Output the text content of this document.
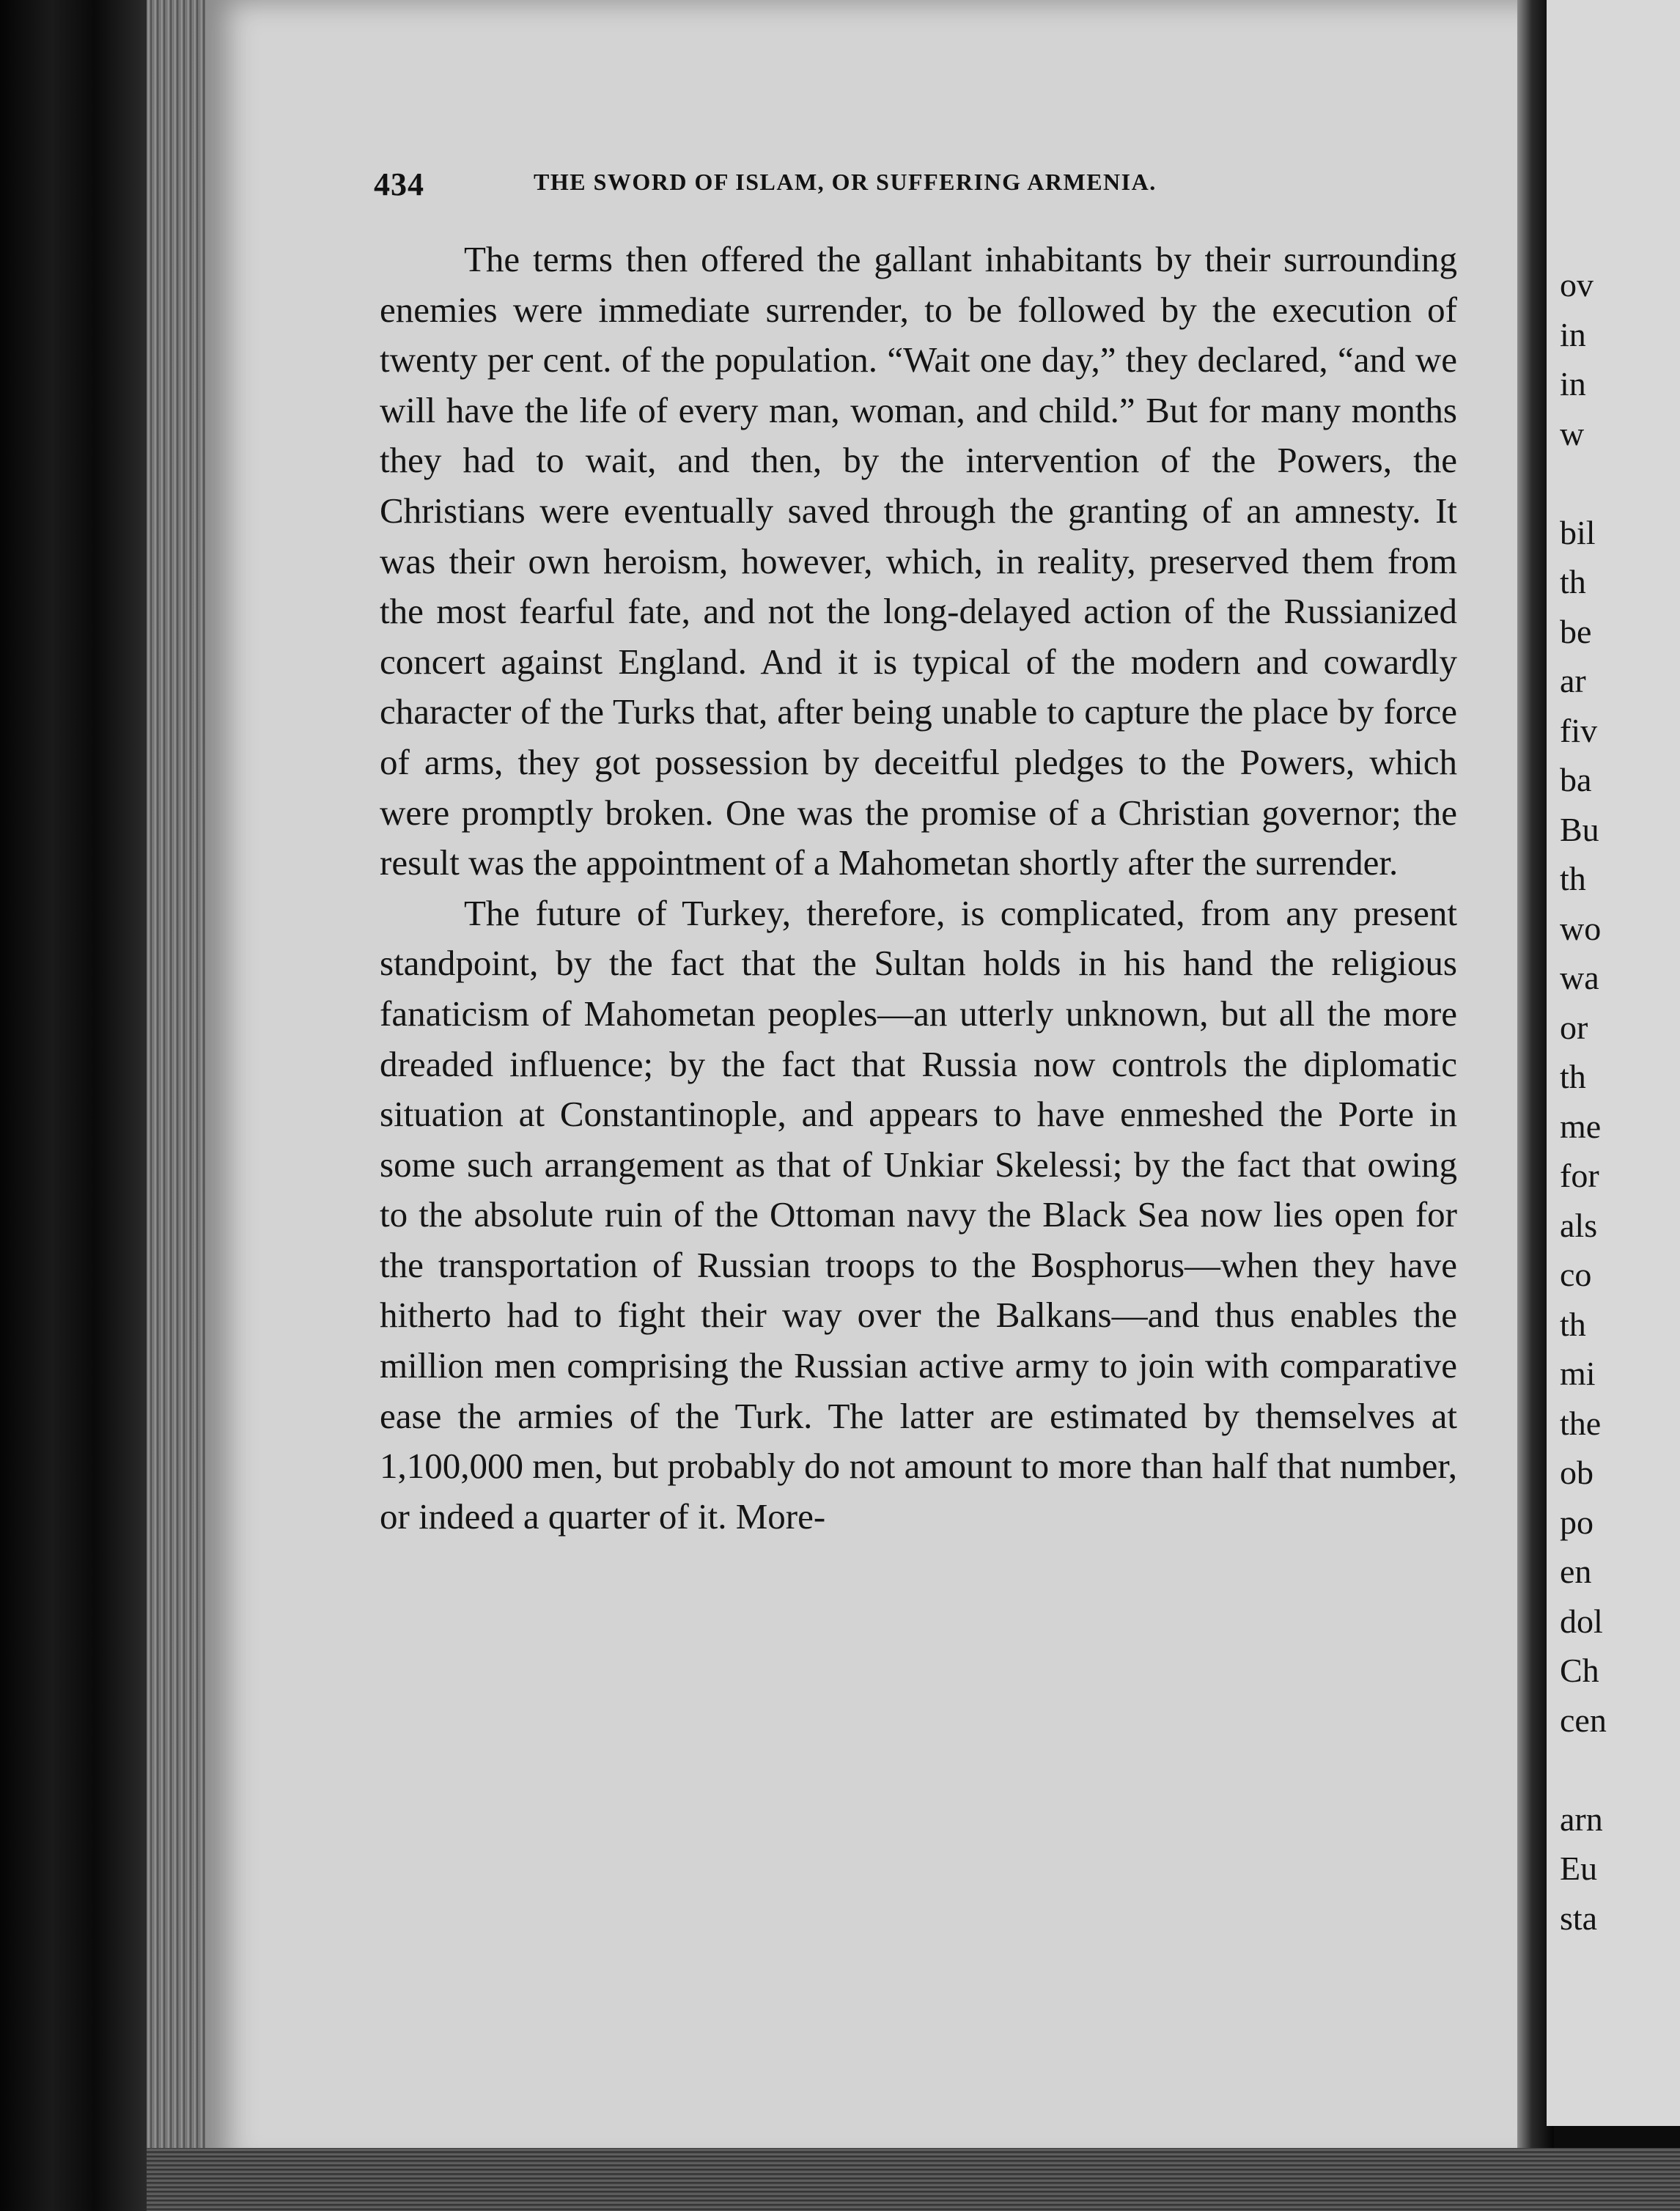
434	THE SWORD OF ISLAM, OR SUFFERING ARMENIA.

The terms then offered the gallant inhabitants by their surrounding enemies were immediate surrender, to be followed by the execution of twenty per cent. of the population. “Wait one day,” they declared, “and we will have the life of every man, woman, and child.” But for many months they had to wait, and then, by the intervention of the Powers, the Christians were eventually saved through the granting of an amnesty. It was their own heroism, however, which, in reality, preserved them from the most fearful fate, and not the long-delayed action of the Russianized concert against England. And it is typical of the modern and cowardly character of the Turks that, after being unable to capture the place by force of arms, they got possession by deceitful pledges to the Powers, which were promptly broken. One was the promise of a Christian governor; the result was the appointment of a Mahometan shortly after the surrender.

The future of Turkey, therefore, is complicated, from any present standpoint, by the fact that the Sultan holds in his hand the religious fanaticism of Mahometan peoples—an utterly unknown, but all the more dreaded influence; by the fact that Russia now controls the diplomatic situation at Constantinople, and appears to have enmeshed the Porte in some such arrangement as that of Unkiar Skelessi; by the fact that owing to the absolute ruin of the Ottoman navy the Black Sea now lies open for the transportation of Russian troops to the Bosphorus—when they have hitherto had to fight their way over the Balkans—and thus enables the million men comprising the Russian active army to join with comparative ease the armies of the Turk. The latter are estimated by themselves at 1,100,000 men, but probably do not amount to more than half that number, or indeed a quarter of it. More-

ov
in
in
w
bil
th
be
ar
fiv
ba
Bu
th
wo
wa
or
th
me
for
als
co
th
mi
the
ob
po
en
dol
Ch
cen
arn
Eu
sta
